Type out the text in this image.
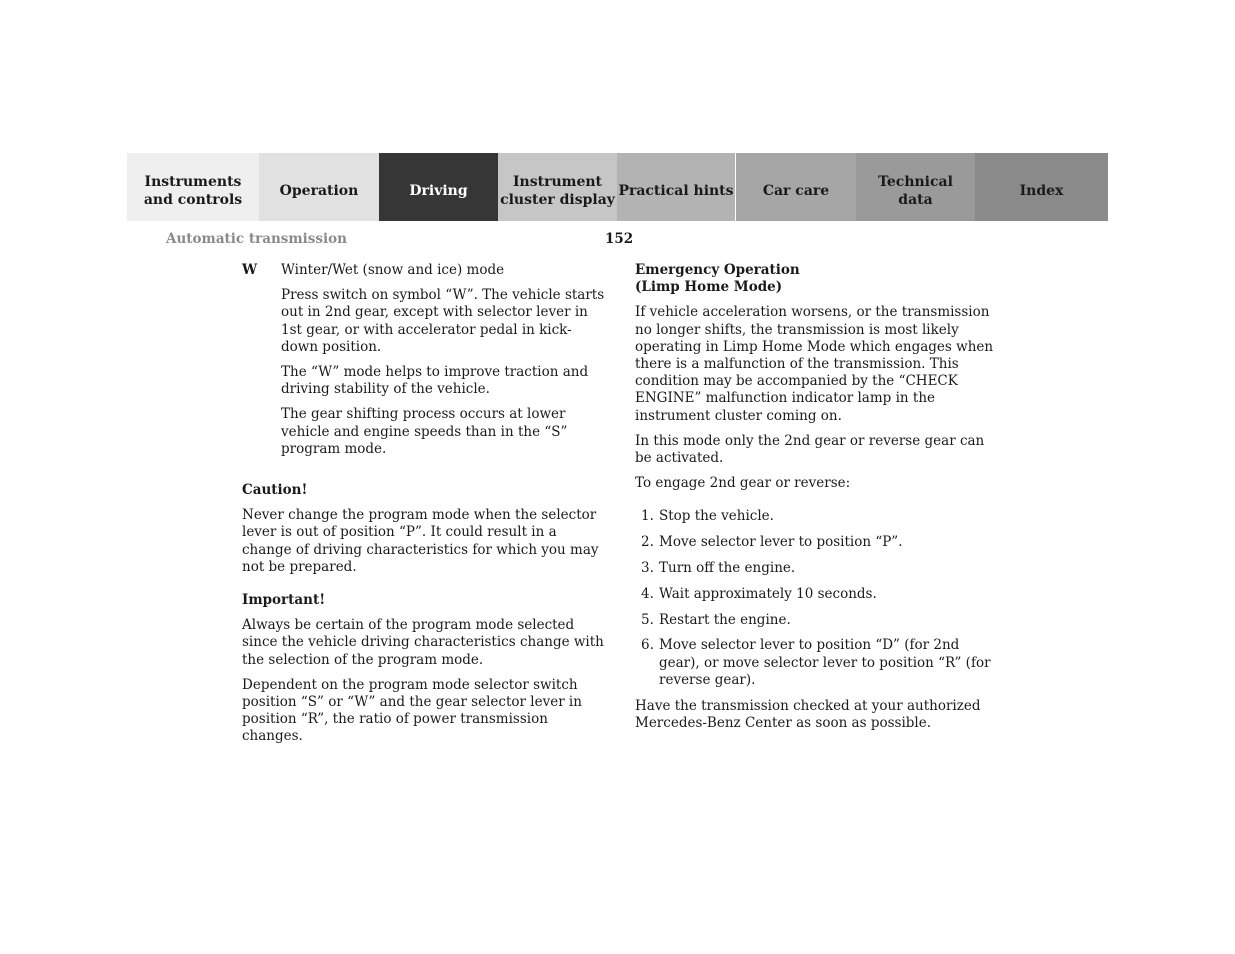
Instruments
and controls
Operation	Driving
Instrument
cluster display
Practical hints Car care
Technical
data
Index
Automatic transmission	152
W	Winter/Wet (snow and ice) mode

Press switch on symbol “W”. The vehicle starts out in 2nd gear, except with selector lever in 1st gear, or with accelerator pedal in kick-down position.

The “W” mode helps to improve traction and driving stability of the vehicle.

The gear shifting process occurs at lower vehicle and engine speeds than in the “S” program mode.

Caution!

Never change the program mode when the selector lever is out of position “P”. It could result in a change of driving characteristics for which you may not be prepared.

Important!

Always be certain of the program mode selected since the vehicle driving characteristics change with the selection of the program mode.

Dependent on the program mode selector switch position “S” or “W” and the gear selector lever in position “R”, the ratio of power transmission changes.

Emergency Operation
(Limp Home Mode)

If vehicle acceleration worsens, or the transmission no longer shifts, the transmission is most likely operating in Limp Home Mode which engages when there is a malfunction of the transmission. This condition may be accompanied by the “CHECK ENGINE” malfunction indicator lamp in the instrument cluster coming on.

In this mode only the 2nd gear or reverse gear can be activated.

To engage 2nd gear or reverse:

1. Stop the vehicle.
2. Move selector lever to position “P”.
3. Turn off the engine.
4. Wait approximately 10 seconds.
5. Restart the engine.
6. Move selector lever to position “D” (for 2nd gear), or move selector lever to position “R” (for reverse gear).

Have the transmission checked at your authorized Mercedes-Benz Center as soon as possible.
